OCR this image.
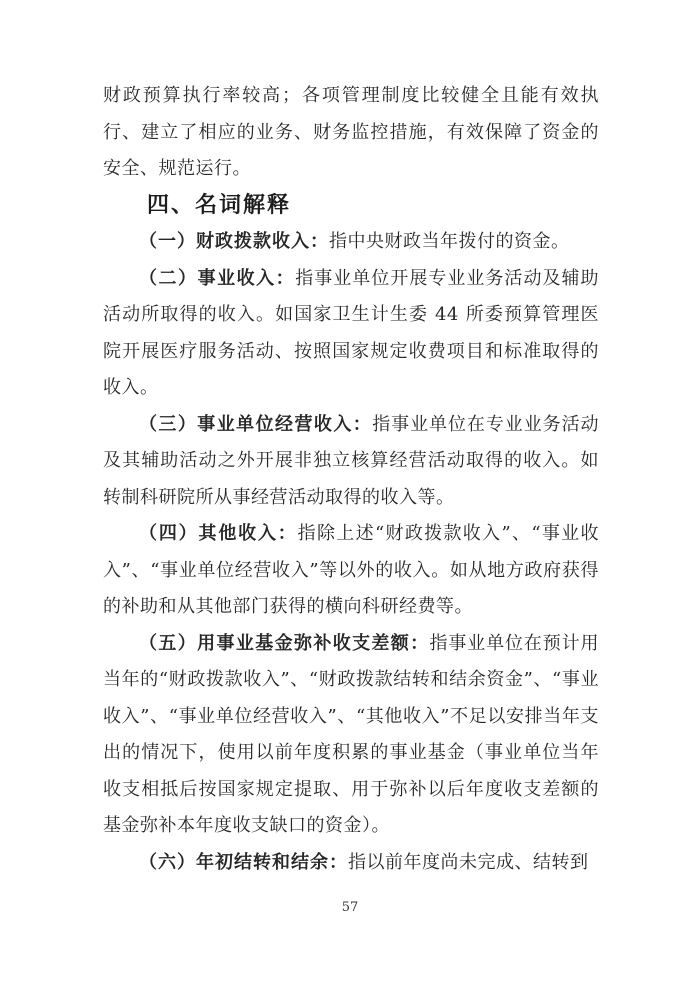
财政预算执行率较高；各项管理制度比较健全且能有效执行、建立了相应的业务、财务监控措施，有效保障了资金的安全、规范运行。

四、名词解释

（一）财政拨款收入：指中央财政当年拨付的资金。

（二）事业收入：指事业单位开展专业业务活动及辅助活动所取得的收入。如国家卫生计生委 44 所委预算管理医院开展医疗服务活动、按照国家规定收费项目和标准取得的收入。

（三）事业单位经营收入：指事业单位在专业业务活动及其辅助活动之外开展非独立核算经营活动取得的收入。如转制科研院所从事经营活动取得的收入等。

（四）其他收入：指除上述“财政拨款收入”、“事业收入”、“事业单位经营收入”等以外的收入。如从地方政府获得的补助和从其他部门获得的横向科研经费等。

（五）用事业基金弥补收支差额：指事业单位在预计用当年的“财政拨款收入”、“财政拨款结转和结余资金”、“事业收入”、“事业单位经营收入”、“其他收入”不足以安排当年支出的情况下，使用以前年度积累的事业基金（事业单位当年收支相抵后按国家规定提取、用于弥补以后年度收支差额的基金弥补本年度收支缺口的资金）。

（六）年初结转和结余：指以前年度尚未完成、结转到

57
